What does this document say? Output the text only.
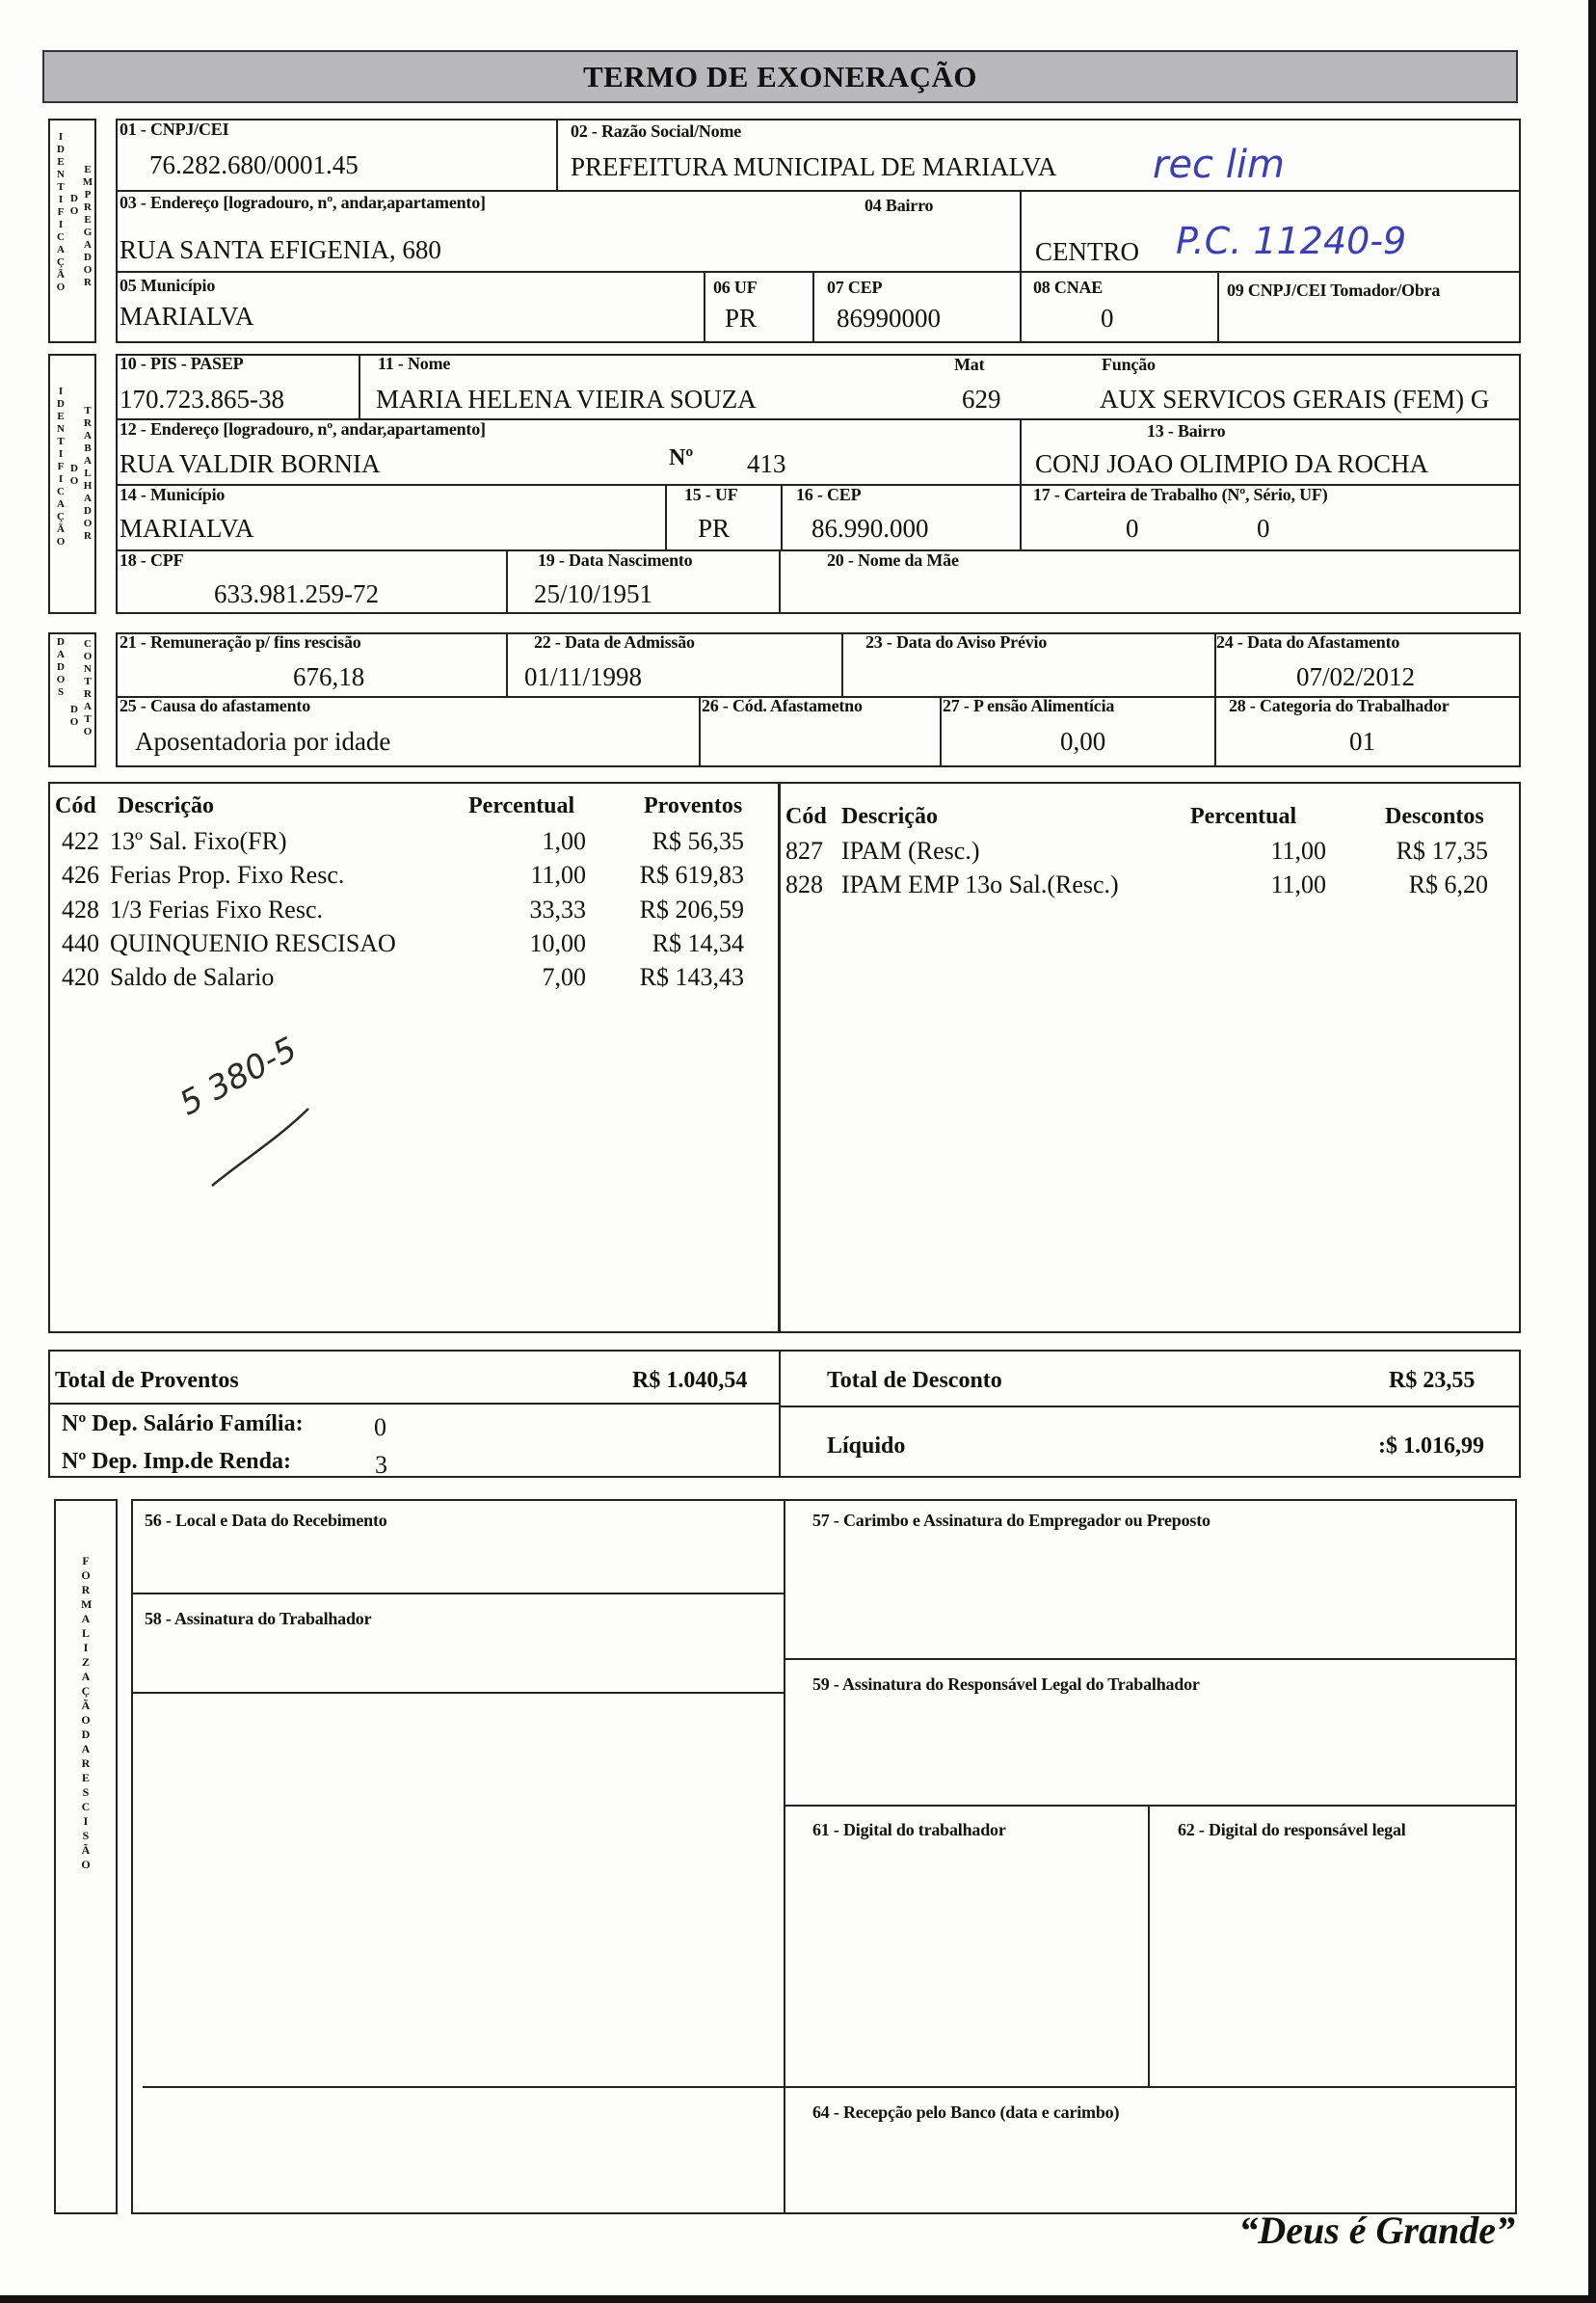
TERMO DE EXONERAÇÃO
I
D
E
N
T
I
F
I
C
A
Ç
Ã
O
D
O
E
M
P
R
E
G
A
D
O
R
01 - CNPJ/CEI
76.282.680/0001.45
02 - Razão Social/Nome
PREFEITURA MUNICIPAL DE MARIALVA
03 - Endereço [logradouro, nº, andar,apartamento]
RUA SANTA EFIGENIA, 680
04 Bairro
CENTRO
05 Município
MARIALVA
06 UF
PR
07 CEP
86990000
08 CNAE
0
09 CNPJ/CEI Tomador/Obra
I
D
E
N
T
I
F
I
C
A
Ç
Ã
O
D
O
T
R
A
B
A
L
H
A
D
O
R
10 - PIS - PASEP
170.723.865-38
11 - Nome
MARIA HELENA VIEIRA SOUZA
Mat
629
Função
AUX SERVICOS GERAIS (FEM) G
12 - Endereço [logradouro, nº, andar,apartamento]
RUA VALDIR BORNIA	Nº 413
13 - Bairro
CONJ JOAO OLIMPIO DA ROCHA
14 - Município
MARIALVA
15 - UF
PR
16 - CEP
86.990.000
17 - Carteira de Trabalho (Nº, Sério, UF)
0	0
18 - CPF
633.981.259-72
19 - Data Nascimento
25/10/1951
20 - Nome da Mãe
D
A
D
O
S
D
O
C
O
N
T
R
A
T
O
21 - Remuneração p/ fins rescisão
676,18
22 - Data de Admissão
01/11/1998
23 - Data do Aviso Prévio	24 - Data do Afastamento
07/02/2012
25 - Causa do afastamento
Aposentadoria por idade
26 - Cód. Afastametno	27 - P ensão Alimentícia
0,00
28 - Categoria do Trabalhador
01
Cód Descrição	Percentual	Proventos
422 13º Sal. Fixo(FR)	1,00	R$ 56,35
426 Ferias Prop. Fixo Resc.	11,00	R$ 619,83
428 1/3 Ferias Fixo Resc.	33,33	R$ 206,59
440 QUINQUENIO RESCISAO	10,00	R$ 14,34
420 Saldo de Salario	7,00	R$ 143,43
Cód Descrição	Percentual	Descontos
827 IPAM (Resc.)	11,00	R$ 17,35
828 IPAM EMP 13o Sal.(Resc.)	11,00	R$ 6,20
5 380-5
Total de Proventos	R$ 1.040,54	Total de Desconto	R$ 23,55
Nº Dep. Salário Família:	0
Nº Dep. Imp.de Renda:	3
Líquido	:$ 1.016,99
F
O
R
M
A
L
I
Z
A
Ç
Ã
O
D
A
R
E
S
C
I
S
Ã
O
56 - Local e Data do Recebimento	57 - Carimbo e Assinatura do Empregador ou Preposto
58 - Assinatura do Trabalhador
59 - Assinatura do Responsável Legal do Trabalhador
61 - Digital do trabalhador	62 - Digital do responsável legal
64 - Recepção pelo Banco (data e carimbo)
rec lim
P.C. 11240-9
“Deus é Grande”
